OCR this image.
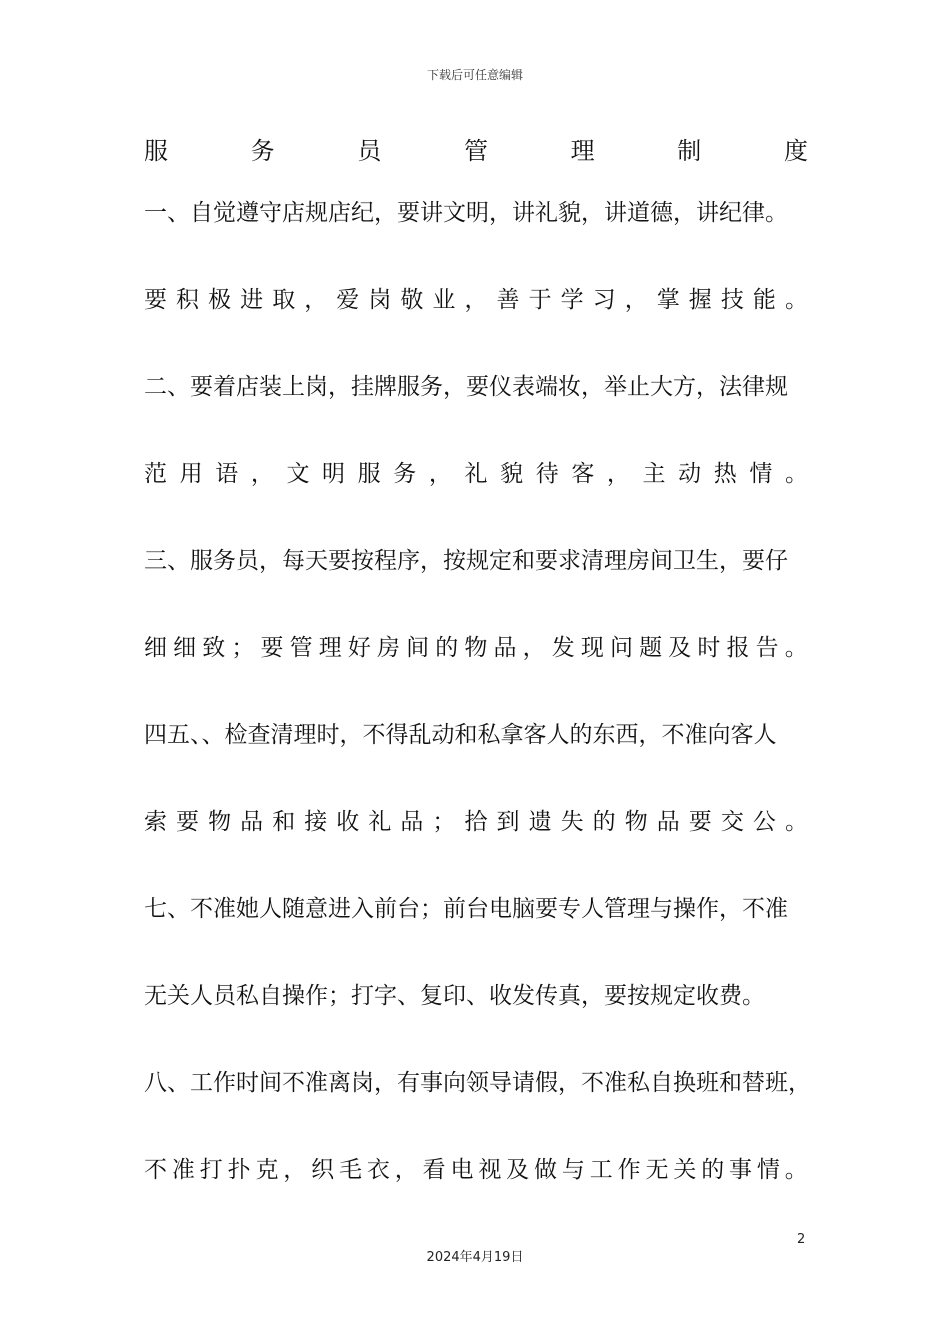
下载后可任意编辑
服	务	员	管	理	制	度
一、自觉遵守店规店纪，要讲文明，讲礼貌，讲道德，讲纪律。
要 积 极 进 取 ， 爱 岗 敬 业 ， 善 于 学 习 ， 掌 握 技 能 。
二、要着店装上岗，挂牌服务，要仪表端妆，举止大方，法律规
范 用 语 ， 文 明 服 务 ， 礼 貌 待 客 ， 主 动 热 情 。
三、服务员，每天要按程序，按规定和要求清理房间卫生，要仔
细 细 致 ； 要 管 理 好 房 间 的 物 品 ， 发 现 问 题 及 时 报 告 。
四五、、检查清理时，不得乱动和私拿客人的东西，不准向客人
索 要 物 品 和 接 收 礼 品 ； 拾 到 遗 失 的 物 品 要 交 公 。
七、不准她人随意进入前台；前台电脑要专人管理与操作，不准
无关人员私自操作；打字、复印、收发传真，要按规定收费。
八、工作时间不准离岗，有事向领导请假，不准私自换班和替班，
不 准 打 扑 克 ， 织 毛 衣 ， 看 电 视 及 做 与 工 作 无 关 的 事 情 。
2
2024年4月19日
